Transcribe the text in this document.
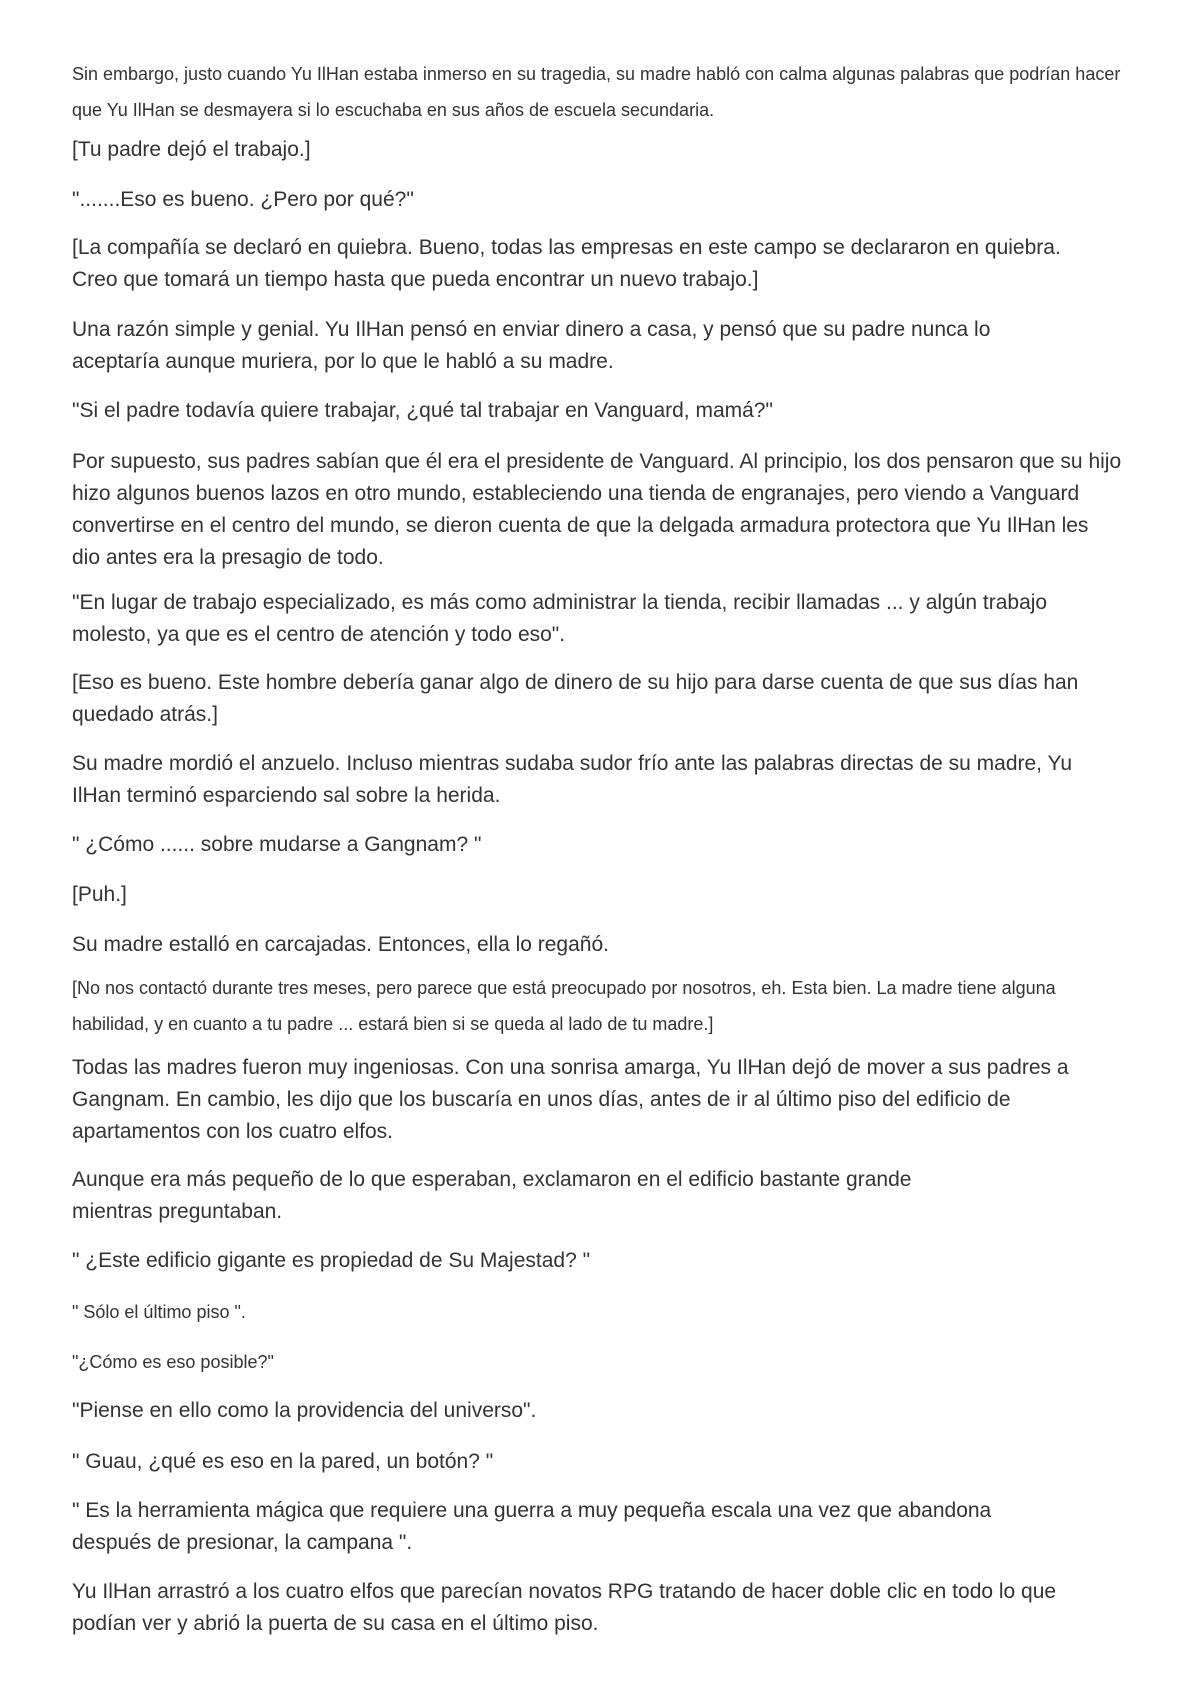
Sin embargo, justo cuando Yu IlHan estaba inmerso en su tragedia, su madre habló con calma algunas palabras que podrían hacer que Yu IlHan se desmayera si lo escuchaba en sus años de escuela secundaria.

[Tu padre dejó el trabajo.]

".......Eso es bueno. ¿Pero por qué?"

[La compañía se declaró en quiebra. Bueno, todas las empresas en este campo se declararon en quiebra. Creo que tomará un tiempo hasta que pueda encontrar un nuevo trabajo.]

Una razón simple y genial. Yu IlHan pensó en enviar dinero a casa, y pensó que su padre nunca lo aceptaría aunque muriera, por lo que le habló a su madre.

"Si el padre todavía quiere trabajar, ¿qué tal trabajar en Vanguard, mamá?"

Por supuesto, sus padres sabían que él era el presidente de Vanguard. Al principio, los dos pensaron que su hijo hizo algunos buenos lazos en otro mundo, estableciendo una tienda de engranajes, pero viendo a Vanguard convertirse en el centro del mundo, se dieron cuenta de que la delgada armadura protectora que Yu IlHan les dio antes era la presagio de todo.

"En lugar de trabajo especializado, es más como administrar la tienda, recibir llamadas ... y algún trabajo molesto, ya que es el centro de atención y todo eso".

[Eso es bueno. Este hombre debería ganar algo de dinero de su hijo para darse cuenta de que sus días han quedado atrás.]

Su madre mordió el anzuelo. Incluso mientras sudaba sudor frío ante las palabras directas de su madre, Yu IlHan terminó esparciendo sal sobre la herida.

" ¿Cómo ...... sobre mudarse a Gangnam? "

[Puh.]

Su madre estalló en carcajadas. Entonces, ella lo regañó.

[No nos contactó durante tres meses, pero parece que está preocupado por nosotros, eh. Esta bien. La madre tiene alguna habilidad, y en cuanto a tu padre ... estará bien si se queda al lado de tu madre.]

Todas las madres fueron muy ingeniosas. Con una sonrisa amarga, Yu IlHan dejó de mover a sus padres a Gangnam. En cambio, les dijo que los buscaría en unos días, antes de ir al último piso del edificio de apartamentos con los cuatro elfos.

Aunque era más pequeño de lo que esperaban, exclamaron en el edificio bastante grande mientras preguntaban.

" ¿Este edificio gigante es propiedad de Su Majestad? "

" Sólo el último piso ".

"¿Cómo es eso posible?"

"Piense en ello como la providencia del universo".

" Guau, ¿qué es eso en la pared, un botón? "

" Es la herramienta mágica que requiere una guerra a muy pequeña escala una vez que abandona después de presionar, la campana ".

Yu IlHan arrastró a los cuatro elfos que parecían novatos RPG tratando de hacer doble clic en todo lo que podían ver y abrió la puerta de su casa en el último piso.
